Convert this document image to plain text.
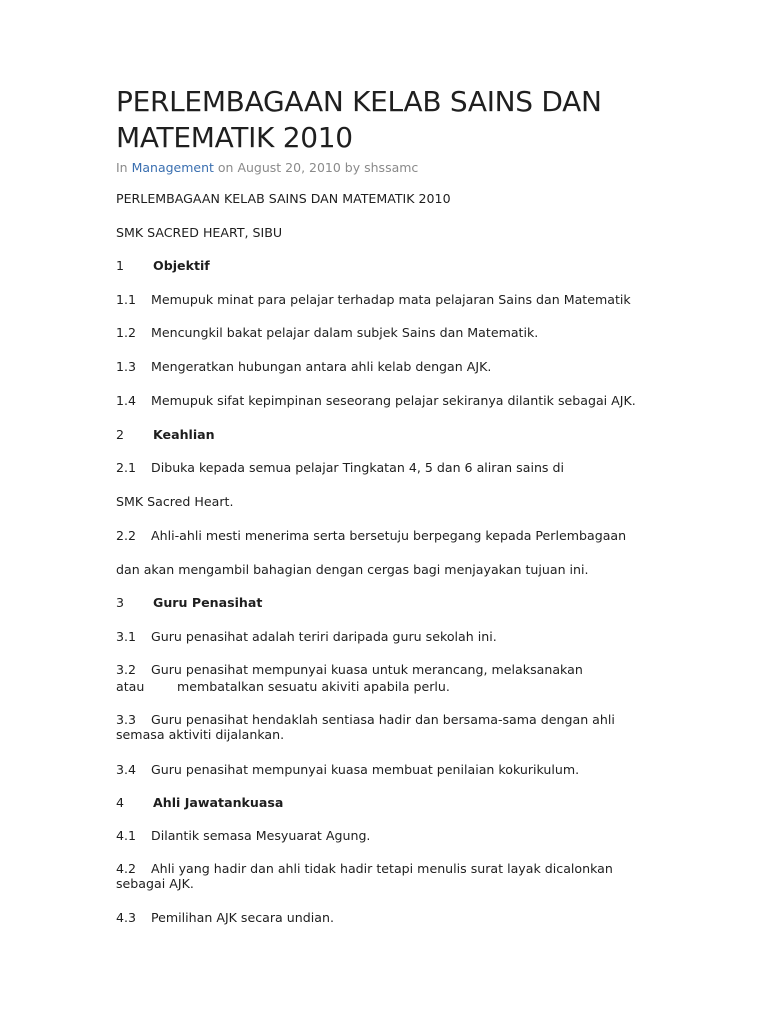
PERLEMBAGAAN KELAB SAINS DAN MATEMATIK 2010
In Management on August 20, 2010 by shssamc
PERLEMBAGAAN KELAB SAINS DAN MATEMATIK 2010
SMK SACRED HEART, SIBU
1 Objektif
1.1 Memupuk minat para pelajar terhadap mata pelajaran Sains dan Matematik
1.2 Mencungkil bakat pelajar dalam subjek Sains dan Matematik.
1.3 Mengeratkan hubungan antara ahli kelab dengan AJK.
1.4 Memupuk sifat kepimpinan seseorang pelajar sekiranya dilantik sebagai AJK.
2 Keahlian
2.1 Dibuka kepada semua pelajar Tingkatan 4, 5 dan 6 aliran sains di
SMK Sacred Heart.
2.2 Ahli-ahli mesti menerima serta bersetuju berpegang kepada Perlembagaan
dan akan mengambil bahagian dengan cergas bagi menjayakan tujuan ini.
3 Guru Penasihat
3.1 Guru penasihat adalah teriri daripada guru sekolah ini.
3.2 Guru penasihat mempunyai kuasa untuk merancang, melaksanakan
atau	membatalkan sesuatu akiviti apabila perlu.
3.3 Guru penasihat hendaklah sentiasa hadir dan bersama-sama dengan ahli semasa aktiviti dijalankan.
3.4 Guru penasihat mempunyai kuasa membuat penilaian kokurikulum.
4 Ahli Jawatankuasa
4.1 Dilantik semasa Mesyuarat Agung.
4.2 Ahli yang hadir dan ahli tidak hadir tetapi menulis surat layak dicalonkan sebagai AJK.
4.3 Pemilihan AJK secara undian.
